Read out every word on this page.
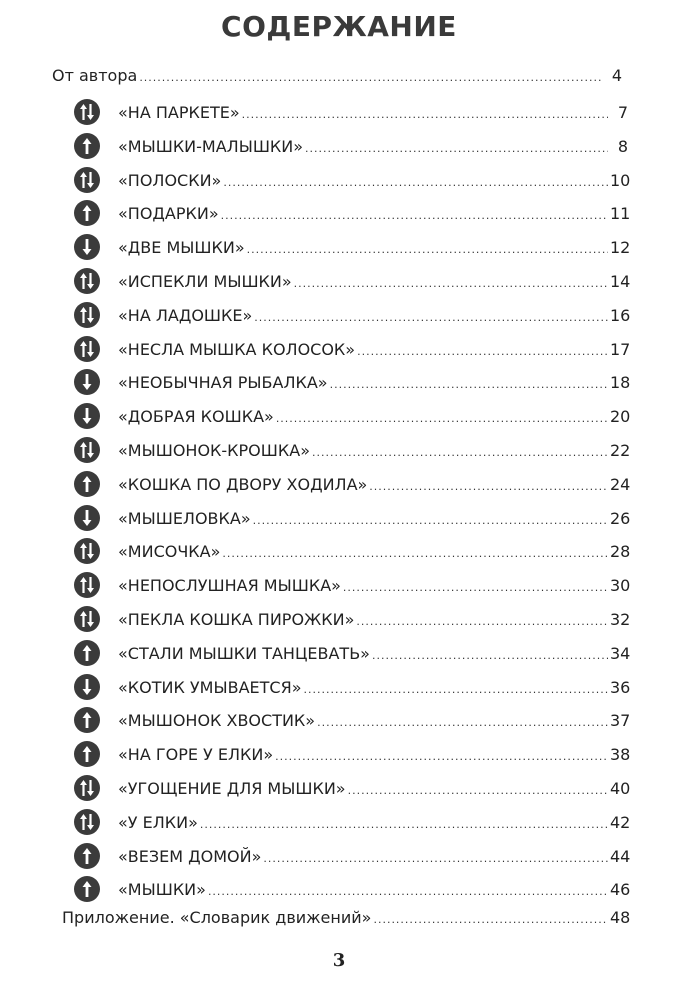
СОДЕРЖАНИЕ
От автора .....	4
«НА ПАРКЕТЕ» .....	7
«МЫШКИ-МАЛЫШКИ» .....	8
«ПОЛОСКИ» .....	10
«ПОДАРКИ» .....	11
«ДВЕ МЫШКИ» .....	12
«ИСПЕКЛИ МЫШКИ» .....	14
«НА ЛАДОШКЕ» .....	16
«НЕСЛА МЫШКА КОЛОСОК» .....	17
«НЕОБЫЧНАЯ РЫБАЛКА» .....	18
«ДОБРАЯ КОШКА» .....	20
«МЫШОНОК-КРОШКА» .....	22
«КОШКА ПО ДВОРУ ХОДИЛА» .....	24
«МЫШЕЛОВКА» .....	26
«МИСОЧКА» .....	28
«НЕПОСЛУШНАЯ МЫШКА» .....	30
«ПЕКЛА КОШКА ПИРОЖКИ» .....	32
«СТАЛИ МЫШКИ ТАНЦЕВАТЬ» .....	34
«КОТИК УМЫВАЕТСЯ» .....	36
«МЫШОНОК ХВОСТИК» .....	37
«НА ГОРЕ У ЕЛКИ» .....	38
«УГОЩЕНИЕ ДЛЯ МЫШКИ» .....	40
«У ЕЛКИ» .....	42
«ВЕЗЕМ ДОМОЙ» .....	44
«МЫШКИ» .....	46
Приложение. «Словарик движений» .....	48
3
